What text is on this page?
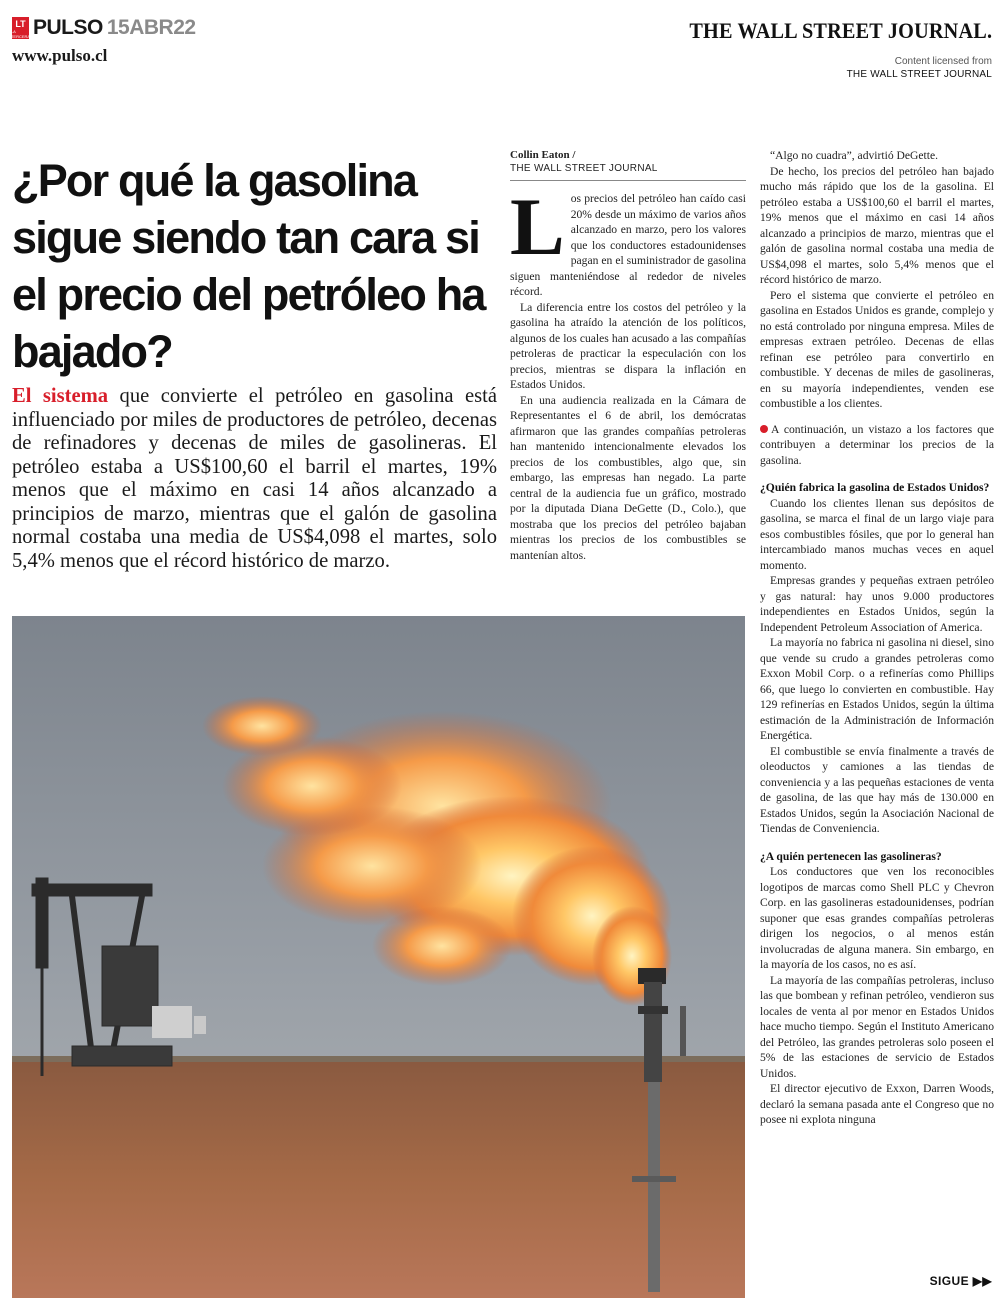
LT
LA TERCERA PULSO 15ABR22
www.pulso.cl
THE WALL STREET JOURNAL.
Content licensed from
THE WALL STREET JOURNAL
¿Por qué la gasolina sigue siendo tan cara si el precio del petróleo ha bajado?

El sistema que convierte el petróleo en gasolina está influenciado por miles de productores de petróleo, decenas de refinadores y decenas de miles de gasolineras. El petróleo estaba a US$100,60 el barril el martes, 19% menos que el máximo en casi 14 años alcanzado a principios de marzo, mientras que el galón de gasolina normal costaba una media de US$4,098 el martes, solo 5,4% menos que el récord histórico de marzo.

Collin Eaton /
THE WALL STREET JOURNAL

Los precios del petróleo han caído casi 20% desde un máximo de varios años alcanzado en marzo, pero los valores que los conductores estadounidenses pagan en el suministrador de gasolina siguen manteniéndose al rededor de niveles récord.

La diferencia entre los costos del petróleo y la gasolina ha atraído la atención de los políticos, algunos de los cuales han acusado a las compañías petroleras de practicar la especulación con los precios, mientras se dispara la inflación en Estados Unidos.

En una audiencia realizada en la Cámara de Representantes el 6 de abril, los demócratas afirmaron que las grandes compañías petroleras han mantenido intencionalmente elevados los precios de los combustibles, algo que, sin embargo, las empresas han negado. La parte central de la audiencia fue un gráfico, mostrado por la diputada Diana DeGette (D., Colo.), que mostraba que los precios del petróleo bajaban mientras los precios de los combustibles se mantenían altos.

“Algo no cuadra”, advirtió DeGette.

De hecho, los precios del petróleo han bajado mucho más rápido que los de la gasolina. El petróleo estaba a US$100,60 el barril el martes, 19% menos que el máximo en casi 14 años alcanzado a principios de marzo, mientras que el galón de gasolina normal costaba una media de US$4,098 el martes, solo 5,4% menos que el récord histórico de marzo.

Pero el sistema que convierte el petróleo en gasolina en Estados Unidos es grande, complejo y no está controlado por ninguna empresa. Miles de empresas extraen petróleo. Decenas de ellas refinan ese petróleo para convertirlo en combustible. Y decenas de miles de gasolineras, en su mayoría independientes, venden ese combustible a los clientes.

A continuación, un vistazo a los factores que contribuyen a determinar los precios de la gasolina.

¿Quién fabrica la gasolina de Estados Unidos?

Cuando los clientes llenan sus depósitos de gasolina, se marca el final de un largo viaje para esos combustibles fósiles, que por lo general han intercambiado manos muchas veces en aquel momento.

Empresas grandes y pequeñas extraen petróleo y gas natural: hay unos 9.000 productores independientes en Estados Unidos, según la Independent Petroleum Association of America.

La mayoría no fabrica ni gasolina ni diesel, sino que vende su crudo a grandes petroleras como Exxon Mobil Corp. o a refinerías como Phillips 66, que luego lo convierten en combustible. Hay 129 refinerías en Estados Unidos, según la última estimación de la Administración de Información Energética.

El combustible se envía finalmente a través de oleoductos y camiones a las tiendas de conveniencia y a las pequeñas estaciones de venta de gasolina, de las que hay más de 130.000 en Estados Unidos, según la Asociación Nacional de Tiendas de Conveniencia.

¿A quién pertenecen las gasolineras?

Los conductores que ven los reconocibles logotipos de marcas como Shell PLC y Chevron Corp. en las gasolineras estadounidenses, podrían suponer que esas grandes compañías petroleras dirigen los negocios, o al menos están involucradas de alguna manera. Sin embargo, en la mayoría de los casos, no es así.

La mayoría de las compañías petroleras, incluso las que bombean y refinan petróleo, vendieron sus locales de venta al por menor en Estados Unidos hace mucho tiempo. Según el Instituto Americano del Petróleo, las grandes petroleras solo poseen el 5% de las estaciones de servicio de Estados Unidos.

El director ejecutivo de Exxon, Darren Woods, declaró la semana pasada ante el Congreso que no posee ni explota ninguna

SIGUE ▶▶
